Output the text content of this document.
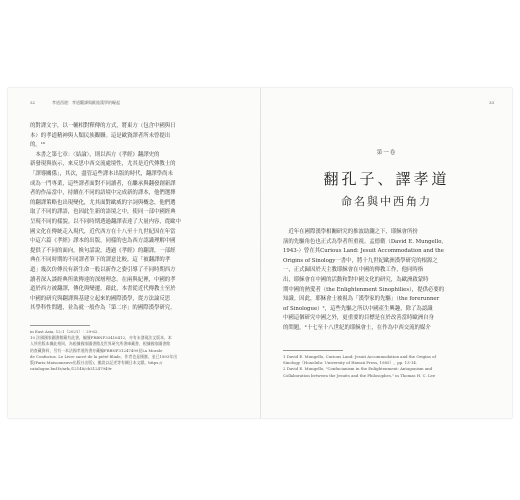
32	孝道西遊：孝道觀譯與歐陸漢學的崛起
的對譯文字，以一輔相對釋傳的方式，將東方（包含中國與日
本）的孝道精神與人類民族觀聯。這是歐資譯者所未曾提出
的。¹⁰
　本書之第七章：〈結論〉，則以西方《孝經》翻譯史的
新發現與族示，來反思中西交流處境性，尤其是近代傳教士的
「譯導關係」，其次，盡管這些譯本出版的時代，翻譯學尚未
成為一門專業，這些譯者面對不同讀者，在繼承與翻發創新譯
者的作品當中，持續在不同的語境中完成新的譯本，他們選擇
的翻譯策略也出現變化，尤其面對歐威的字詞與概念，他們選
取了不同的譯語，也因此生新的語境之中，使同一部中國經典
呈現不同的樣貌。以不同時期透過翻譯表達了大量内容，從歐中
國文化在傳統走入現代，近代西方在十八至十九世紀因在年當
中這六篇《孝經》譯本的出版，同樣的也為西方認識理解中國
提供了不同的面向，換句話說，透過《孝經》的翻譯，一部經
典在不同時期的不同譯者筆下的譯意比較，這「被翻譯的孝
道」幾次仿傳長有新生命一般以新作之姿引導了不同時期西方
讀者深入談經典所欲傳達的深層理念。在兩與紀裡，中國的孝
道於西方被翻譯，傳化與變遷，藉此，本書從近代傳教士至於
中國的研究與翻譯與基建立起來的國際漢學，從方法論反思
其學科性問題，並為就一般作為「第二序」的國際漢學研究。
in East Asia, 12:1（2021）：29-62.
10 法國國家圖書館藏有此書，編號FRBNF33416412，亦有未發現法文版本，本
人所用版本據此相同，為根據國家圖書館及世界研究所書庫藏書，根據國家圖書館
的查藏資料，另有一本法國孝道的書亦藏編FRBNF31247499見La Morale
de Confucius. Le Livre sacré de la piété filiale，作者也是國旗，並已1893年出
版(Paris:Maisonneuve出版社出版)，雖說以記述等有關日本文獻。https://
catalogue.bnf.fr/ark:/12148/cb31247949r
33
第一卷
翻孔子、譯孝道
命名與中西角力
　近年在國際漢學相關研究的推波助瀾之下，耶穌會所扮
演的先驅角色也正式為學者所重視。孟德衛（David E. Mungello,
1943-）曾在其Curious Land: Jesuit Accommodation and the
Origins of Sinology一書中，將十九世紀歐洲漢學研究的根源之
一，正式歸因於天主教耶穌會在中國的傳教工作，他同時指
出，耶穌會在中國的活動和對中國文化的研究，為歐洲啟蒙時
期中國的熱愛者（the Enlightenment Sinophilies），提供必要的
知識。因此，耶穌會士被視為「漢學家的先驅」（the forerunner
of Sinologue）²，這些先驅之所以中國產生興趣，除了為認識
中國這個研究中國之外，更重要的目標是在於改善當時歐洲自身
的問題，²十七至十八世紀的耶穌會士，在作為中西交流的媒介
1 David E. Mungello, Curious Land: Jesuit Accommodation and the Origins of
Sinology（Honolulu: University of Hawaii Press, 1985），pp. 13-14.
2 David E. Mungello, "Confucianism in the Enlightenment: Antagonism and
Collaboration between the Jesuits and the Philosophes," in Thomas H. C. Lee
